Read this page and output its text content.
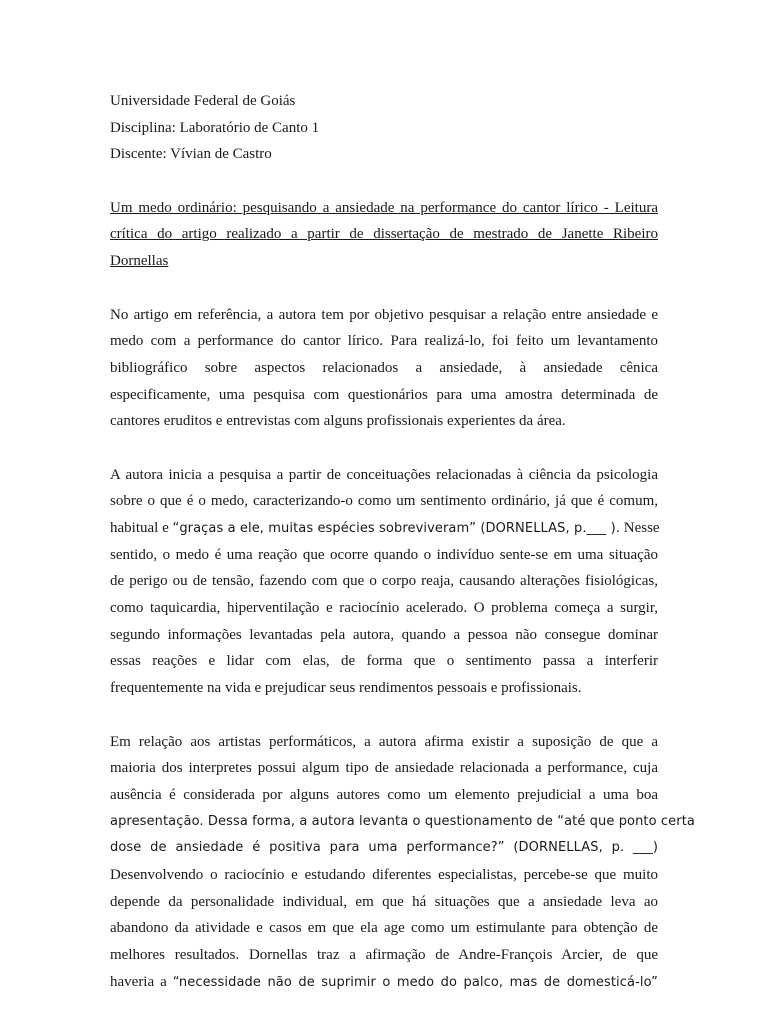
Universidade Federal de Goiás
Disciplina: Laboratório de Canto 1
Discente: Vívian de Castro
Um medo ordinário: pesquisando a ansiedade na performance do cantor lírico - Leitura
crítica do artigo realizado a partir de dissertação de mestrado de Janette Ribeiro
Dornellas
No artigo em referência, a autora tem por objetivo pesquisar a relação entre ansiedade e
medo com a performance do cantor lírico. Para realizá-lo, foi feito um levantamento
bibliográfico sobre aspectos relacionados a ansiedade, à ansiedade cênica
especificamente, uma pesquisa com questionários para uma amostra determinada de
cantores eruditos e entrevistas com alguns profissionais experientes da área.
A autora inicia a pesquisa a partir de conceituações relacionadas à ciência da psicologia
sobre o que é o medo, caracterizando-o como um sentimento ordinário, já que é comum,
habitual e “graças a ele, muitas espécies sobreviveram” (DORNELLAS, p.___ ). Nesse
sentido, o medo é uma reação que ocorre quando o indivíduo sente-se em uma situação
de perigo ou de tensão, fazendo com que o corpo reaja, causando alterações fisiológicas,
como taquicardia, hiperventilação e raciocínio acelerado. O problema começa a surgir,
segundo informações levantadas pela autora, quando a pessoa não consegue dominar
essas reações e lidar com elas, de forma que o sentimento passa a interferir
frequentemente na vida e prejudicar seus rendimentos pessoais e profissionais.
Em relação aos artistas performáticos, a autora afirma existir a suposição de que a
maioria dos interpretes possui algum tipo de ansiedade relacionada a performance, cuja
ausência é considerada por alguns autores como um elemento prejudicial a uma boa
apresentação. Dessa forma, a autora levanta o questionamento de “até que ponto certa
dose de ansiedade é positiva para uma performance?” (DORNELLAS, p. ___)
Desenvolvendo o raciocínio e estudando diferentes especialistas, percebe-se que muito
depende da personalidade individual, em que há situações que a ansiedade leva ao
abandono da atividade e casos em que ela age como um estimulante para obtenção de
melhores resultados. Dornellas traz a afirmação de Andre-François Arcier, de que
haveria a “necessidade não de suprimir o medo do palco, mas de domesticá-lo”
